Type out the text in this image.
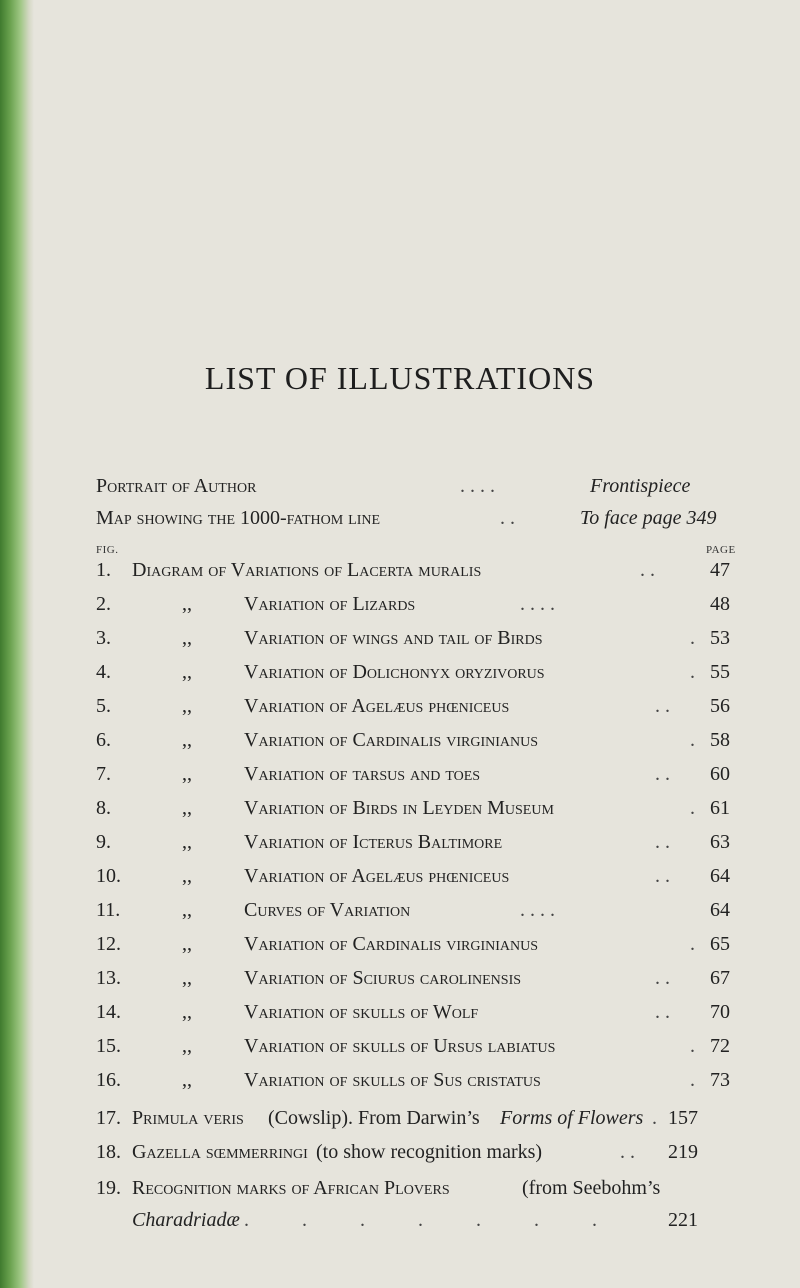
LIST OF ILLUSTRATIONS
Portrait of Author	. . . .	Frontispiece
Map showing the 1000-fathom line	. .	To face page 349
FIG.	PAGE
1.	Diagram of Variations of Lacerta muralis	. .	47
2.	,,	Variation of Lizards	. . . .	48
3.	,,	Variation of wings and tail of Birds	. 53
4.	,,	Variation of Dolichonyx oryzivorus	. 55
5.	,,	Variation of Agelæus phœniceus	. . 56
6.	,,	Variation of Cardinalis virginianus	. 58
7.	,,	Variation of tarsus and toes	. . 60
8.	,,	Variation of Birds in Leyden Museum	. 61
9.	,,	Variation of Icterus Baltimore	. . 63
10.	,,	Variation of Agelæus phœniceus	. . 64
11.	,,	Curves of Variation	. . . .	64
12.	,,	Variation of Cardinalis virginianus	. 65
13.	,,	Variation of Sciurus carolinensis	. . 67
14.	,,	Variation of skulls of Wolf	. . 70
15.	,,	Variation of skulls of Ursus labiatus	. 72
16.	,,	Variation of skulls of Sus cristatus	. 73
17. Primula veris (Cowslip). From Darwin’s Forms of Flowers . 157
18. Gazella sœmmerringi (to show recognition marks)	. . 219
19. Recognition marks of African Plovers	(from Seebohm’s
Charadriadæ . . . . . . . 221
